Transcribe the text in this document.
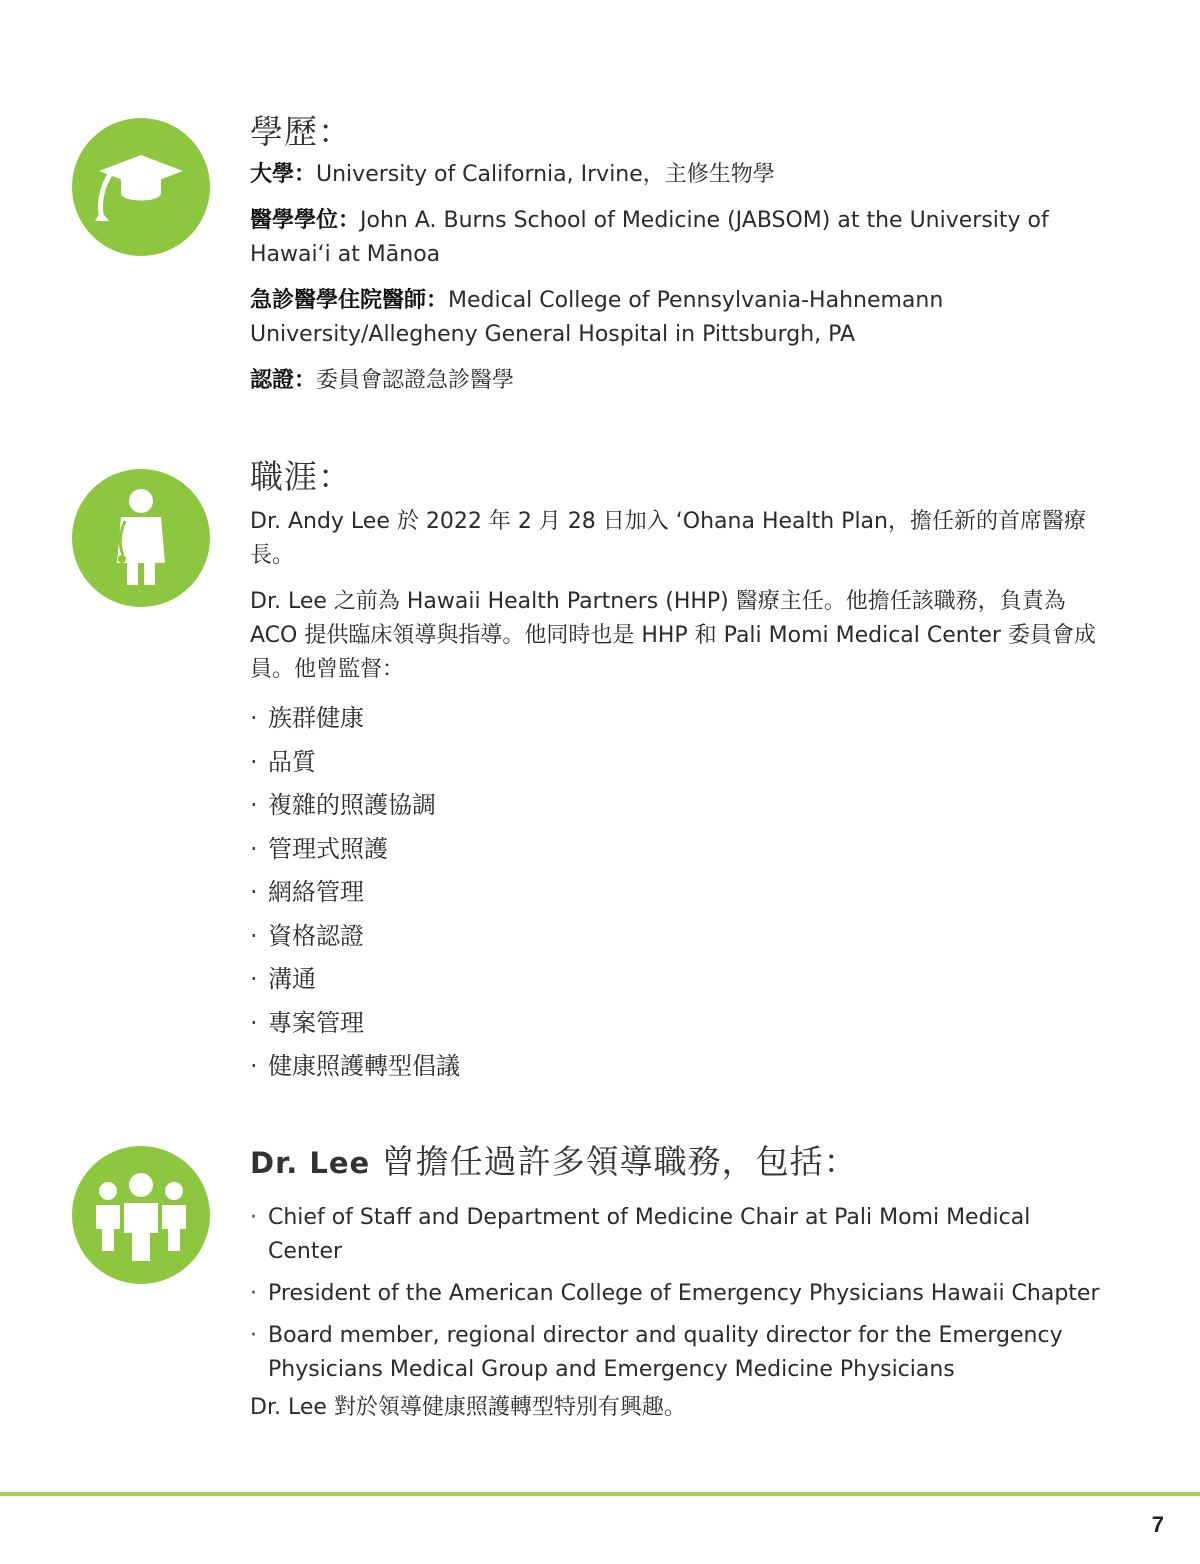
學歷：

大學：University of California, Irvine，主修生物學

醫學學位：John A. Burns School of Medicine (JABSOM) at the University of Hawai‘i at Mānoa

急診醫學住院醫師：Medical College of Pennsylvania-Hahnemann University/Allegheny General Hospital in Pittsburgh, PA

認證：委員會認證急診醫學

職涯：

Dr. Andy Lee 於 2022 年 2 月 28 日加入 ‘Ohana Health Plan，擔任新的首席醫療長。

Dr. Lee 之前為 Hawaii Health Partners (HHP) 醫療主任。他擔任該職務，負責為 ACO 提供臨床領導與指導。他同時也是 HHP 和 Pali Momi Medical Center 委員會成員。他曾監督：

· 族群健康
· 品質
· 複雜的照護協調
· 管理式照護
· 網絡管理
· 資格認證
· 溝通
· 專案管理
· 健康照護轉型倡議
Dr. Lee 曾擔任過許多領導職務，包括：
· Chief of Staff and Department of Medicine Chair at Pali Momi Medical Center
· President of the American College of Emergency Physicians Hawaii Chapter
· Board member, regional director and quality director for the Emergency Physicians Medical Group and Emergency Medicine Physicians

Dr. Lee 對於領導健康照護轉型特別有興趣。

7
